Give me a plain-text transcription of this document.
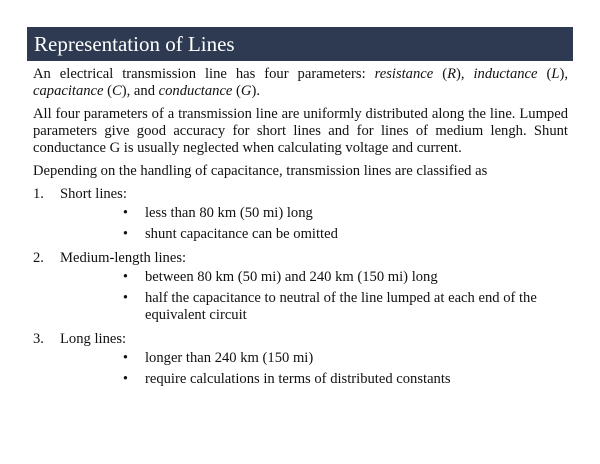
Representation of Lines

An electrical transmission line has four parameters: resistance (R), inductance (L), capacitance (C), and conductance (G).

All four parameters of a transmission line are uniformly distributed along the line. Lumped parameters give good accuracy for short lines and for lines of medium lengh. Shunt conductance G is usually neglected when calculating voltage and current.

Depending on the handling of capacitance, transmission lines are classified as

1.	Short lines:
•	less than 80 km (50 mi) long
•	shunt capacitance can be omitted
2.	Medium-length lines:
•	between 80 km (50 mi) and 240 km (150 mi) long
•	half the capacitance to neutral of the line lumped at each end of the equivalent circuit
3.	Long lines:
•	longer than 240 km (150 mi)
•	require calculations in terms of distributed constants
